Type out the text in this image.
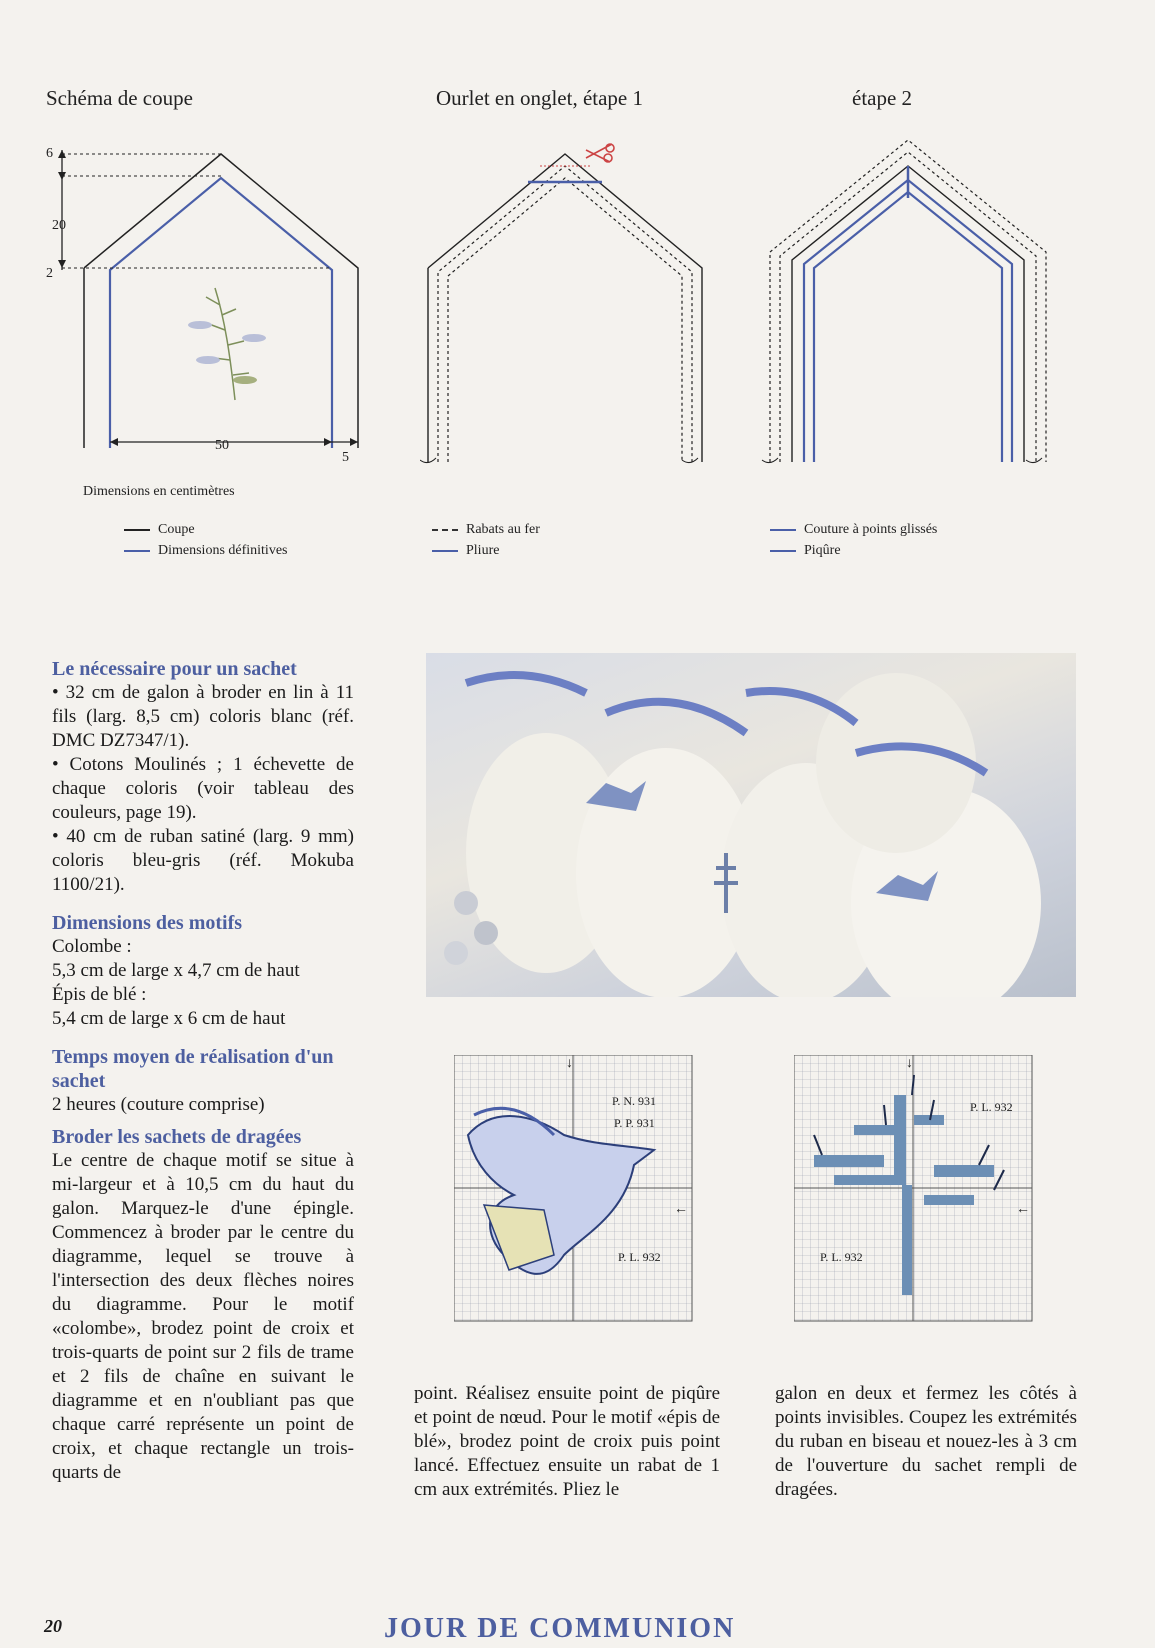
Schéma de coupe	Ourlet en onglet, étape 1	étape 2
6
20
2
50
5
Dimensions en centimètres
Coupe
Dimensions définitives
Rabats au fer
Pliure
Couture à points glissés
Piqûre
Le nécessaire pour un sachet

• 32 cm de galon à broder en lin à 11 fils (larg. 8,5 cm) coloris blanc (réf. DMC DZ7347/1).

• Cotons Moulinés ; 1 échevette de chaque coloris (voir tableau des couleurs, page 19).

• 40 cm de ruban satiné (larg. 9 mm) coloris bleu-gris (réf. Mokuba 1100/21).

Dimensions des motifs

Colombe :

5,3 cm de large x 4,7 cm de haut

Épis de blé :

5,4 cm de large x 6 cm de haut

Temps moyen de réalisation d'un sachet

2 heures (couture comprise)

Broder les sachets de dragées

Le centre de chaque motif se situe à mi-largeur et à 10,5 cm du haut du galon. Marquez-le d'une épingle. Commencez à broder par le centre du diagramme, lequel se trouve à l'intersection des deux flèches noires du diagramme. Pour le motif «colombe», brodez point de croix et trois-quarts de point sur 2 fils de trame et 2 fils de chaîne en suivant le diagramme et en n'oubliant pas que chaque carré représente un point de croix, et chaque rectangle un trois-quarts de

↓
←
P. N. 931
P. P. 931
P. L. 932
↓
←
P. L. 932
P. L. 932

point. Réalisez ensuite point de piqûre et point de nœud. Pour le motif «épis de blé», brodez point de croix puis point lancé. Effectuez ensuite un rabat de 1 cm aux extrémités. Pliez le

galon en deux et fermez les côtés à points invisibles. Coupez les extrémités du ruban en biseau et nouez-les à 3 cm de l'ouverture du sachet rempli de dragées.

20	JOUR DE COMMUNION
